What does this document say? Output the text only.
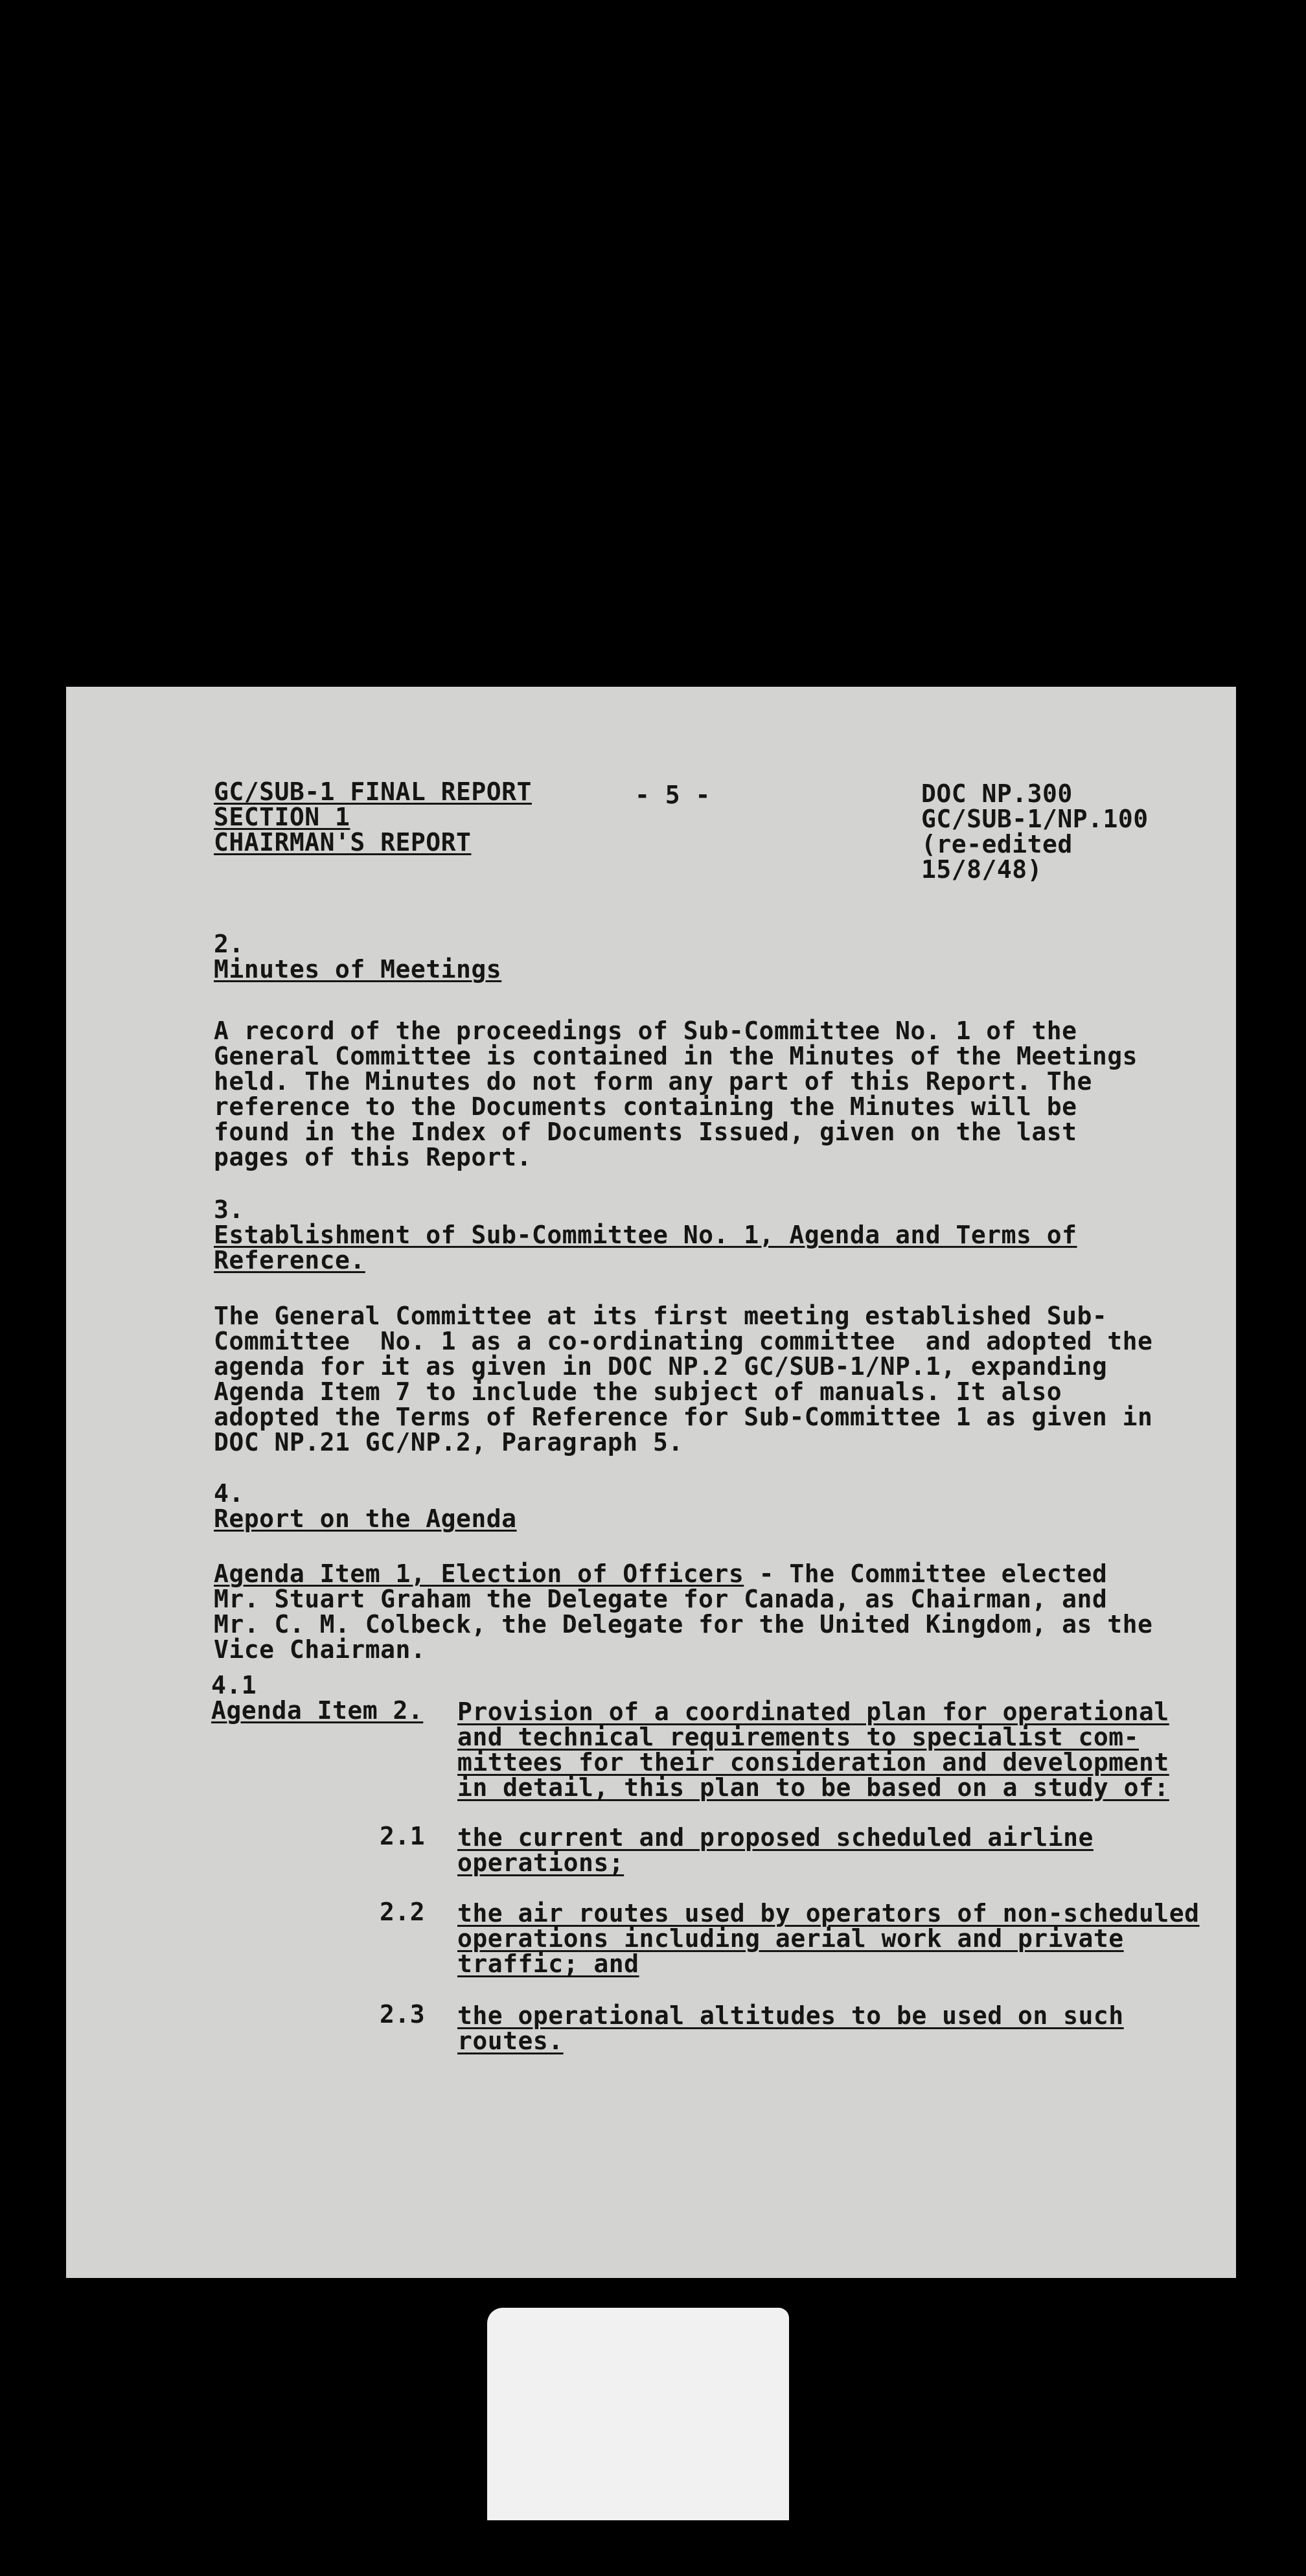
GC/SUB-1 FINAL REPORT

SECTION 1

CHAIRMAN'S REPORT

- 5 -	DOC NP.300

GC/SUB-1/NP.100

(re-edited

15/8/48)

2.

Minutes of Meetings

A record of the proceedings of Sub-Committee No. 1 of the

General Committee is contained in the Minutes of the Meetings

held. The Minutes do not form any part of this Report. The

reference to the Documents containing the Minutes will be

found in the Index of Documents Issued, given on the last

pages of this Report.

3.

Establishment of Sub-Committee No. 1, Agenda and Terms of

Reference.

The General Committee at its first meeting established Sub-

Committee  No. 1 as a co-ordinating committee  and adopted the

agenda for it as given in DOC NP.2 GC/SUB-1/NP.1, expanding

Agenda Item 7 to include the subject of manuals. It also

adopted the Terms of Reference for Sub-Committee 1 as given in

DOC NP.21 GC/NP.2, Paragraph 5.

4.

Report on the Agenda

Agenda Item 1, Election of Officers - The Committee elected

Mr. Stuart Graham the Delegate for Canada, as Chairman, and

Mr. C. M. Colbeck, the Delegate for the United Kingdom, as the

Vice Chairman.

4.1

Agenda Item 2. Provision of a coordinated plan for operational

and technical requirements to specialist com-

mittees for their consideration and development

in detail, this plan to be based on a study of:

2.1 the current and proposed scheduled airline

operations;

2.2 the air routes used by operators of non-scheduled

operations including aerial work and private

traffic; and

2.3 the operational altitudes to be used on such

routes.
